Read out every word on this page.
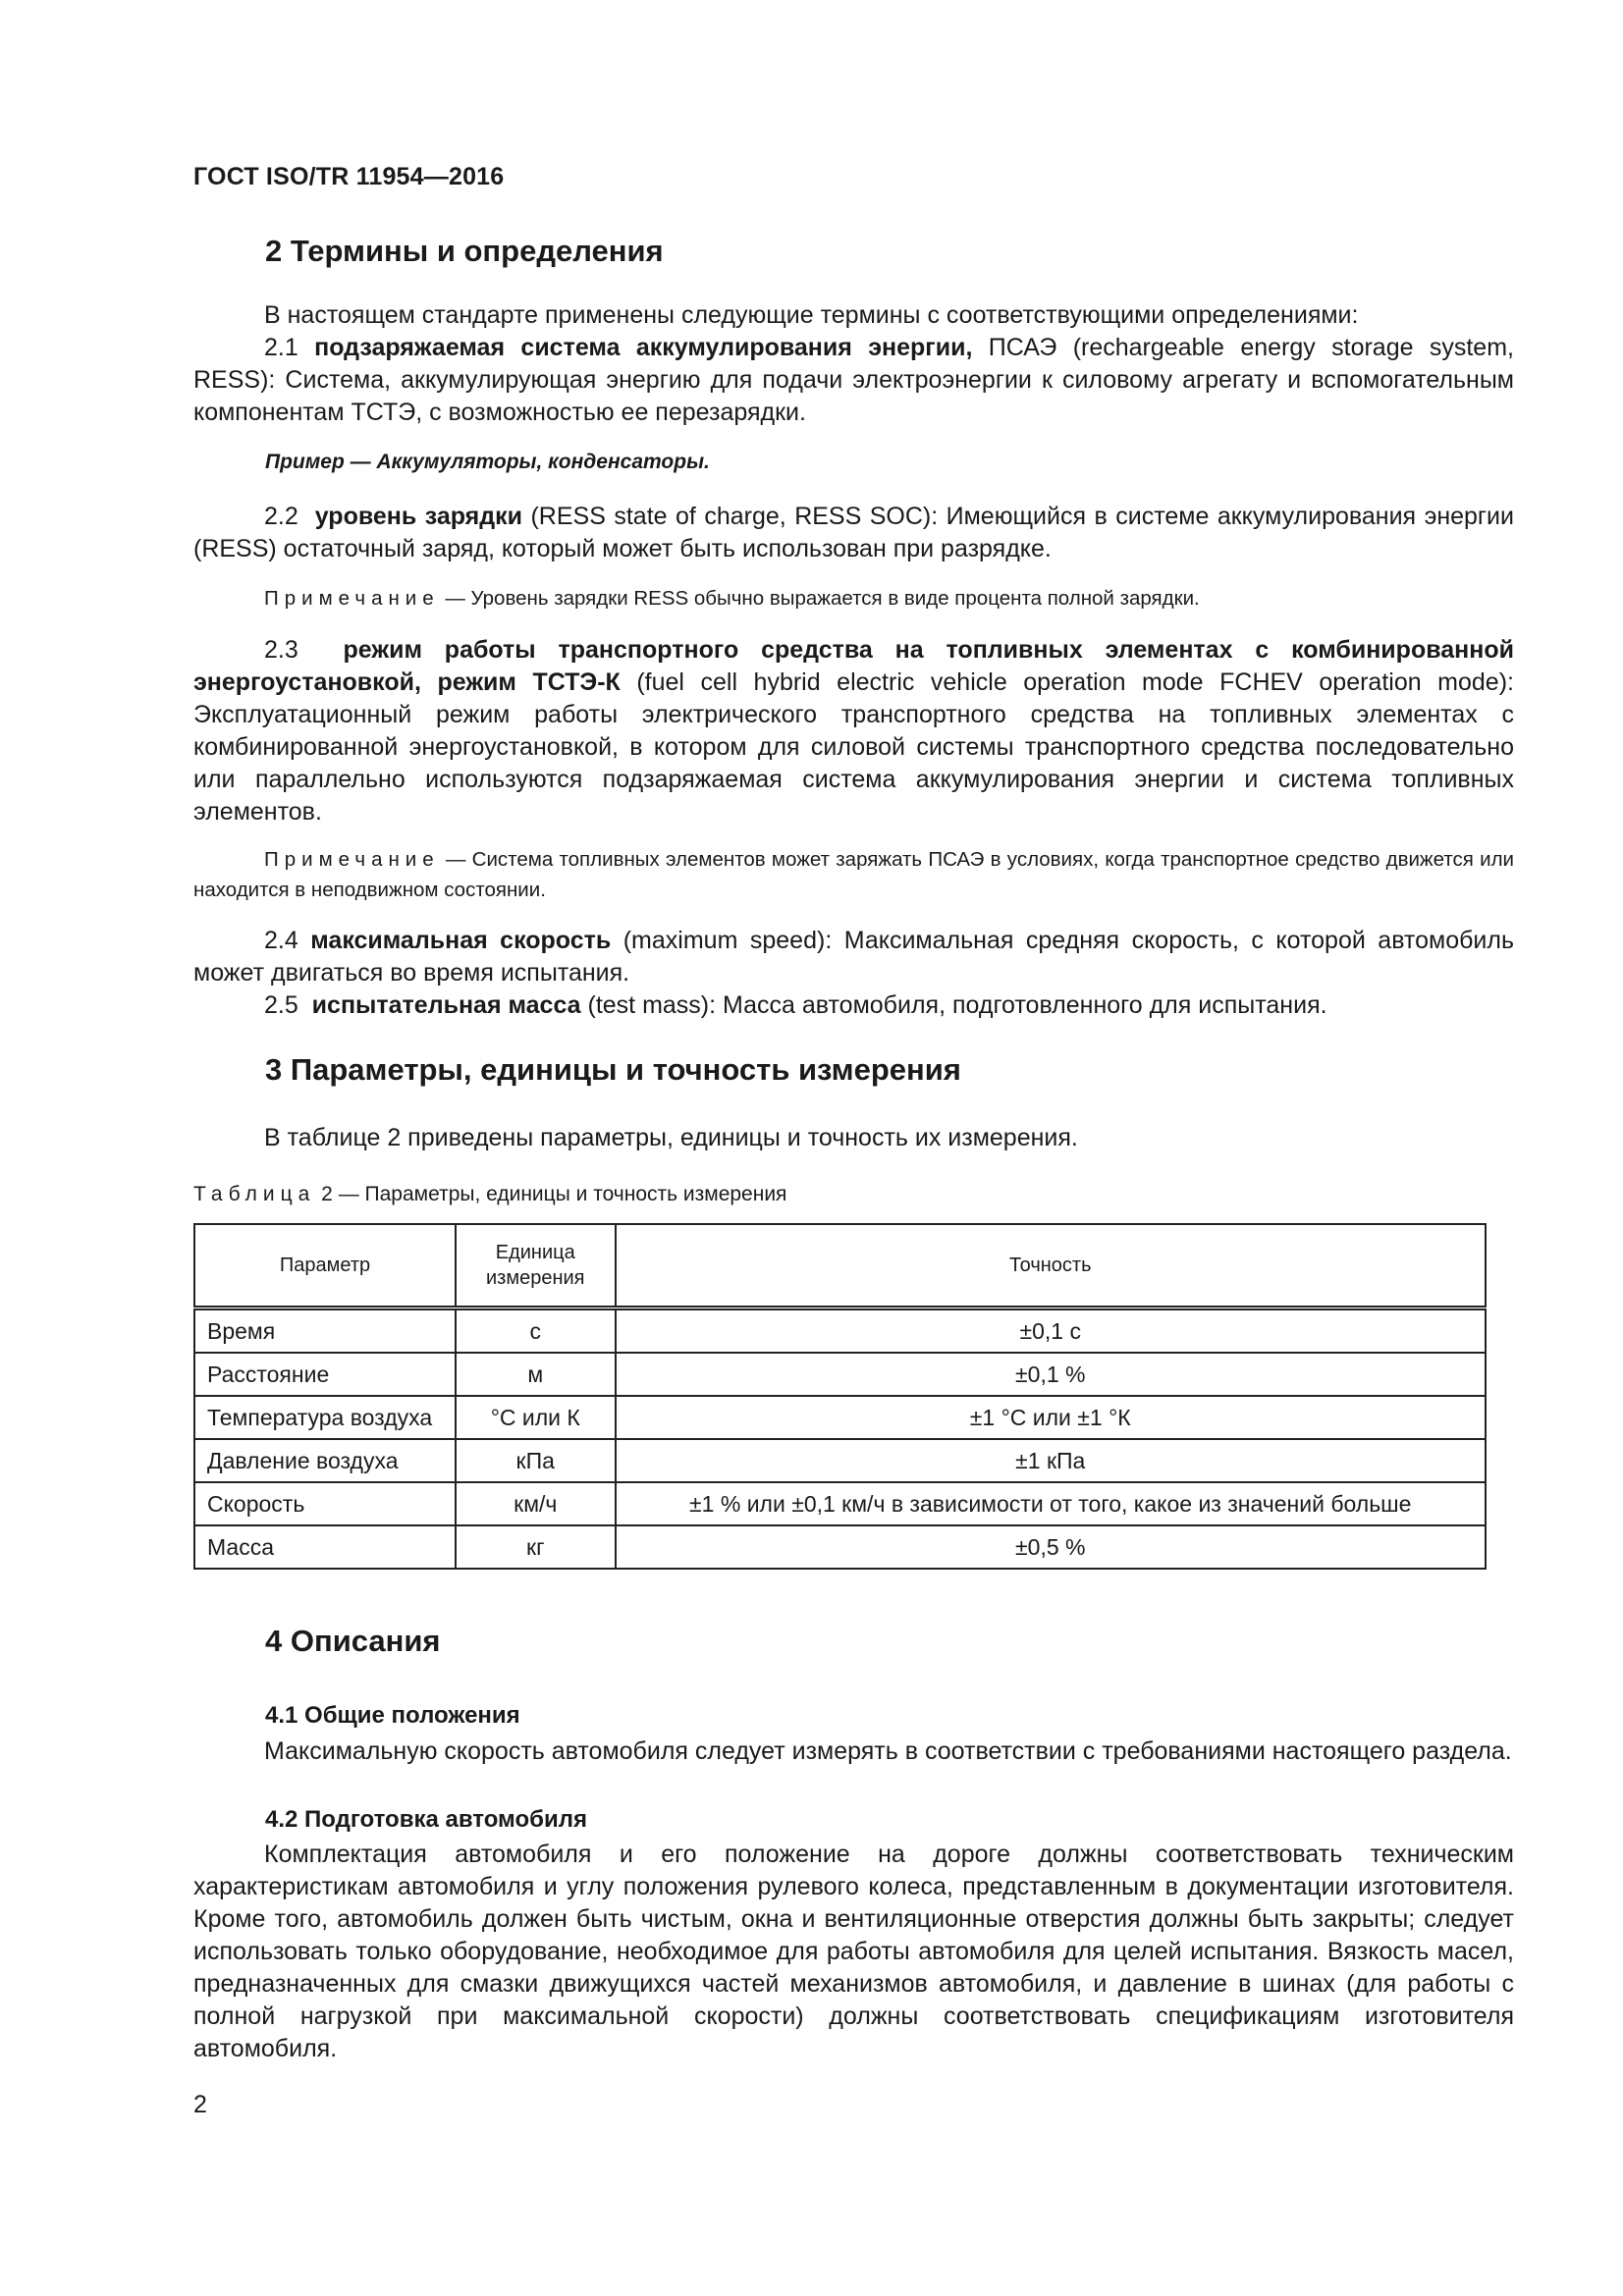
ГОСТ ISO/TR 11954—2016
2 Термины и определения
В настоящем стандарте применены следующие термины с соответствующими определениями:
2.1 подзаряжаемая система аккумулирования энергии, ПСАЭ (rechargeable energy storage system, RESS): Система, аккумулирующая энергию для подачи электроэнергии к силовому агрегату и вспомогательным компонентам ТСТЭ, с возможностью ее перезарядки.
Пример — Аккумуляторы, конденсаторы.
2.2 уровень зарядки (RESS state of charge, RESS SOC): Имеющийся в системе аккумулирования энергии (RESS) остаточный заряд, который может быть использован при разрядке.
Примечание — Уровень зарядки RESS обычно выражается в виде процента полной зарядки.
2.3 режим работы транспортного средства на топливных элементах с комбинированной энергоустановкой, режим ТСТЭ-К (fuel cell hybrid electric vehicle operation mode FCHEV operation mode): Эксплуатационный режим работы электрического транспортного средства на топливных элементах с комбинированной энергоустановкой, в котором для силовой системы транспортного средства последовательно или параллельно используются подзаряжаемая система аккумулирования энергии и система топливных элементов.
Примечание — Система топливных элементов может заряжать ПСАЭ в условиях, когда транспортное средство движется или находится в неподвижном состоянии.
2.4 максимальная скорость (maximum speed): Максимальная средняя скорость, с которой автомобиль может двигаться во время испытания.
2.5 испытательная масса (test mass): Масса автомобиля, подготовленного для испытания.
3 Параметры, единицы и точность измерения
В таблице 2 приведены параметры, единицы и точность их измерения.
Таблица 2 — Параметры, единицы и точность измерения
Параметр	Единица измерения	Точность
Время	с	±0,1 с
Расстояние	м	±0,1 %
Температура воздуха	°С или К	±1 °С или ±1 °К
Давление воздуха	кПа	±1 кПа
Скорость	км/ч	±1 % или ±0,1 км/ч в зависимости от того, какое из значений больше
Масса	кг	±0,5 %
4 Описания
4.1 Общие положения
Максимальную скорость автомобиля следует измерять в соответствии с требованиями настоящего раздела.
4.2 Подготовка автомобиля
Комплектация автомобиля и его положение на дороге должны соответствовать техническим характеристикам автомобиля и углу положения рулевого колеса, представленным в документации изготовителя. Кроме того, автомобиль должен быть чистым, окна и вентиляционные отверстия должны быть закрыты; следует использовать только оборудование, необходимое для работы автомобиля для целей испытания. Вязкость масел, предназначенных для смазки движущихся частей механизмов автомобиля, и давление в шинах (для работы с полной нагрузкой при максимальной скорости) должны соответствовать спецификациям изготовителя автомобиля.
2
